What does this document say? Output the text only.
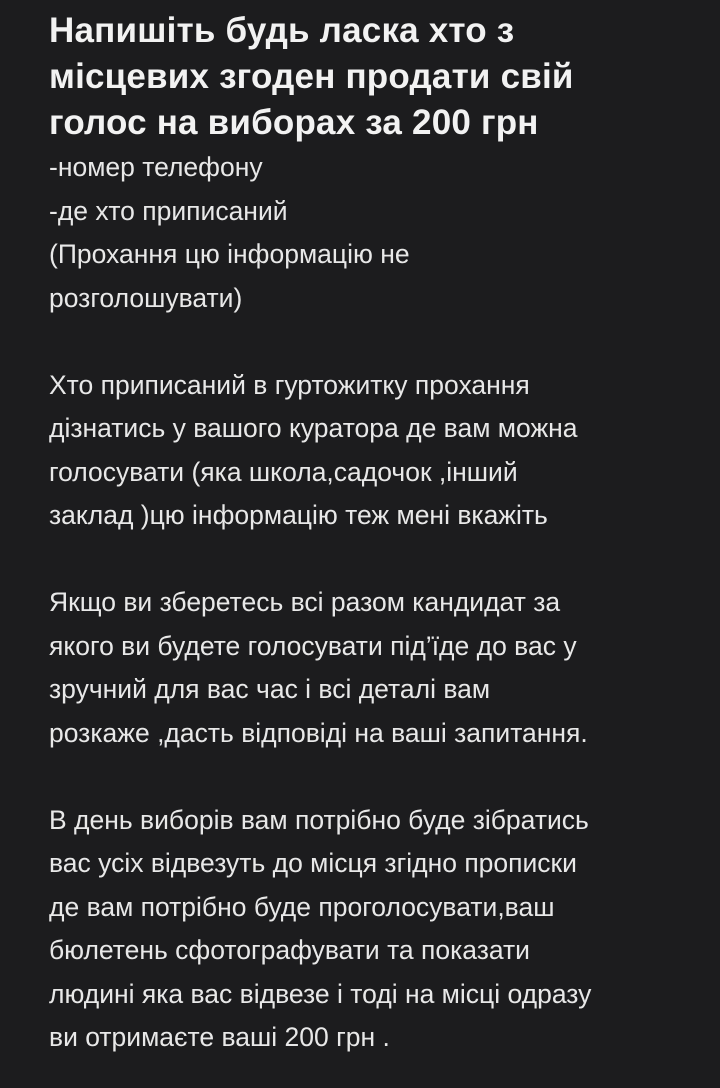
Напишіть будь ласка хто з
місцевих згоден продати свій
голос на виборах за 200 грн

-номер телефону
-де хто приписаний
(Прохання цю інформацію не
розголошувати)

Хто приписаний в гуртожитку прохання
дізнатись у вашого куратора де вам можна
голосувати (яка школа,садочок ,інший
заклад )цю інформацію теж мені вкажіть

Якщо ви зберетесь всі разом кандидат за
якого ви будете голосувати під’їде до вас у
зручний для вас час і всі деталі вам
розкаже ,дасть відповіді на ваші запитання.

В день виборів вам потрібно буде зібратись
вас усіх відвезуть до місця згідно прописки
де вам потрібно буде проголосувати,ваш
бюлетень сфотографувати та показати
людині яка вас відвезе і тоді на місці одразу
ви отримаєте ваші 200 грн .
